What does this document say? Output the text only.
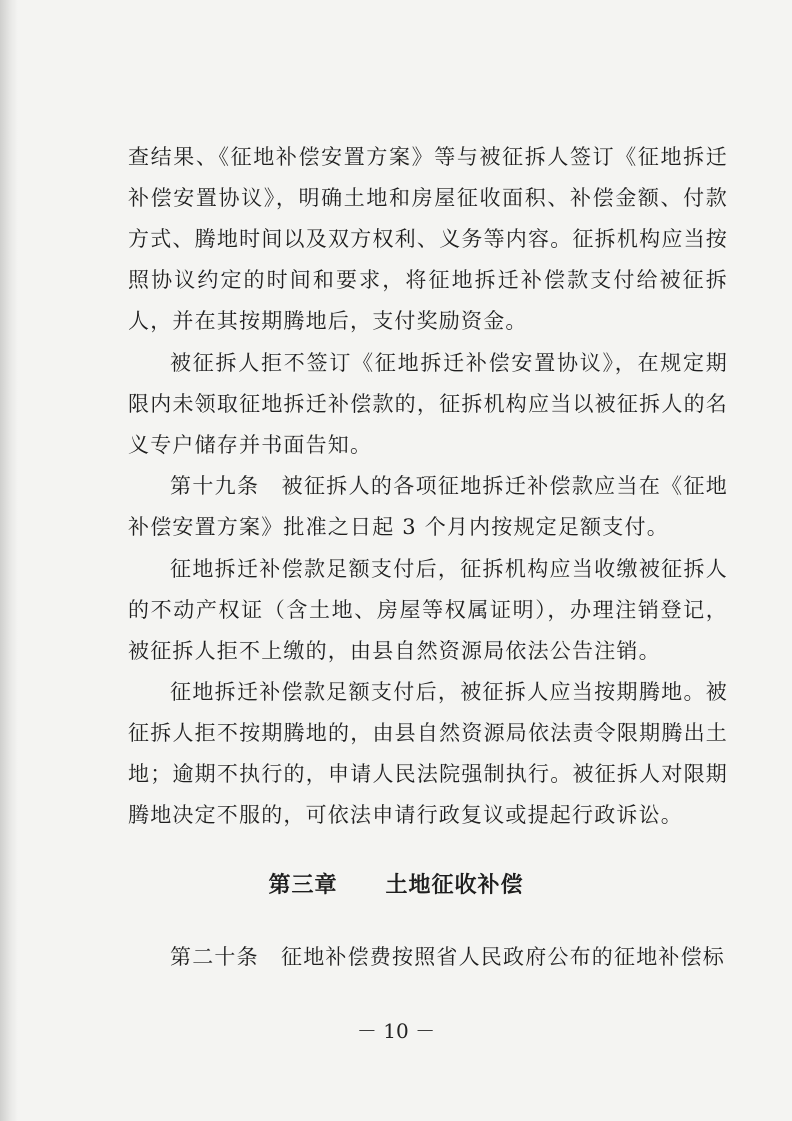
查结果、《征地补偿安置方案》等与被征拆人签订《征地拆迁补偿安置协议》，明确土地和房屋征收面积、补偿金额、付款方式、腾地时间以及双方权利、义务等内容。征拆机构应当按照协议约定的时间和要求，将征地拆迁补偿款支付给被征拆人，并在其按期腾地后，支付奖励资金。

被征拆人拒不签订《征地拆迁补偿安置协议》，在规定期限内未领取征地拆迁补偿款的，征拆机构应当以被征拆人的名义专户储存并书面告知。

第十九条　被征拆人的各项征地拆迁补偿款应当在《征地补偿安置方案》批准之日起 3 个月内按规定足额支付。

征地拆迁补偿款足额支付后，征拆机构应当收缴被征拆人的不动产权证（含土地、房屋等权属证明），办理注销登记，被征拆人拒不上缴的，由县自然资源局依法公告注销。

征地拆迁补偿款足额支付后，被征拆人应当按期腾地。被征拆人拒不按期腾地的，由县自然资源局依法责令限期腾出土地；逾期不执行的，申请人民法院强制执行。被征拆人对限期腾地决定不服的，可依法申请行政复议或提起行政诉讼。

第三章 土地征收补偿

第二十条　征地补偿费按照省人民政府公布的征地补偿标

－ 10 －
